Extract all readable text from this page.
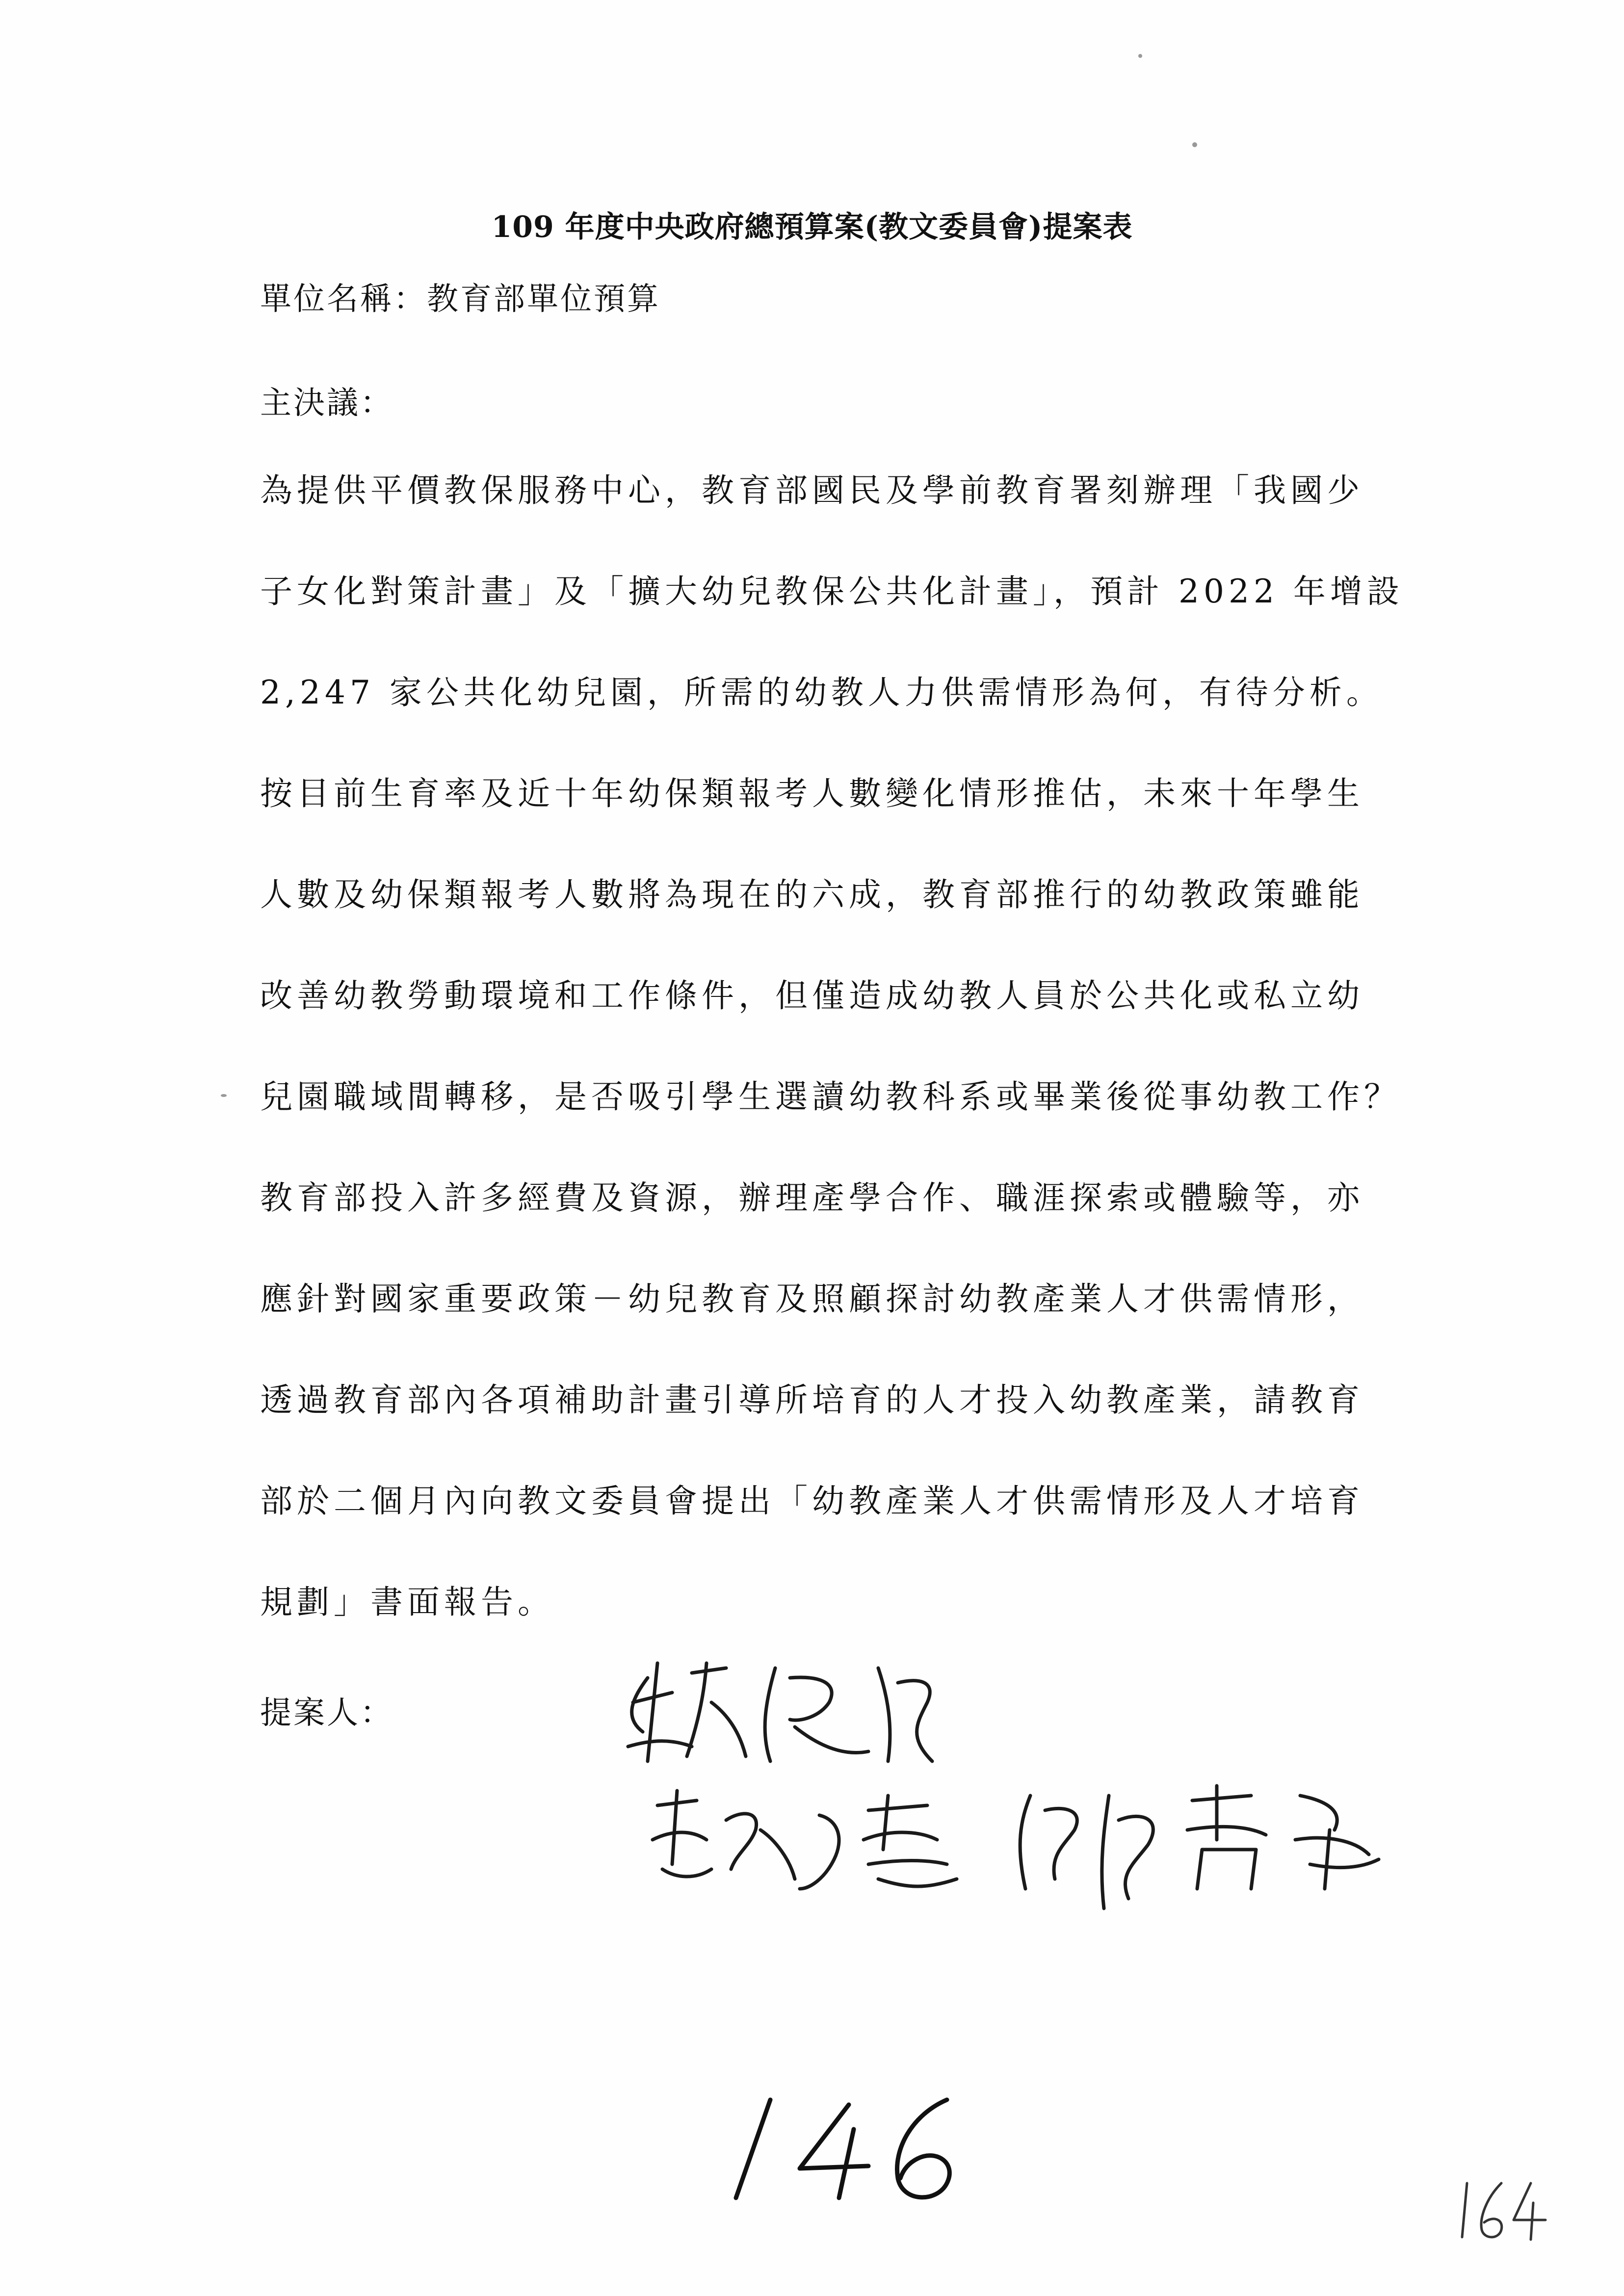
109 年度中央政府總預算案(教文委員會)提案表
單位名稱：教育部單位預算
主決議：
為提供平價教保服務中心，教育部國民及學前教育署刻辦理「我國少
子女化對策計畫」及「擴大幼兒教保公共化計畫」，預計 2022 年增設
2,247 家公共化幼兒園，所需的幼教人力供需情形為何，有待分析。
按目前生育率及近十年幼保類報考人數變化情形推估，未來十年學生
人數及幼保類報考人數將為現在的六成，教育部推行的幼教政策雖能
改善幼教勞動環境和工作條件，但僅造成幼教人員於公共化或私立幼
兒園職域間轉移，是否吸引學生選讀幼教科系或畢業後從事幼教工作？
教育部投入許多經費及資源，辦理產學合作、職涯探索或體驗等，亦
應針對國家重要政策－幼兒教育及照顧探討幼教產業人才供需情形，
透過教育部內各項補助計畫引導所培育的人才投入幼教產業，請教育
部於二個月內向教文委員會提出「幼教產業人才供需情形及人才培育
規劃」書面報告。
提案人：
